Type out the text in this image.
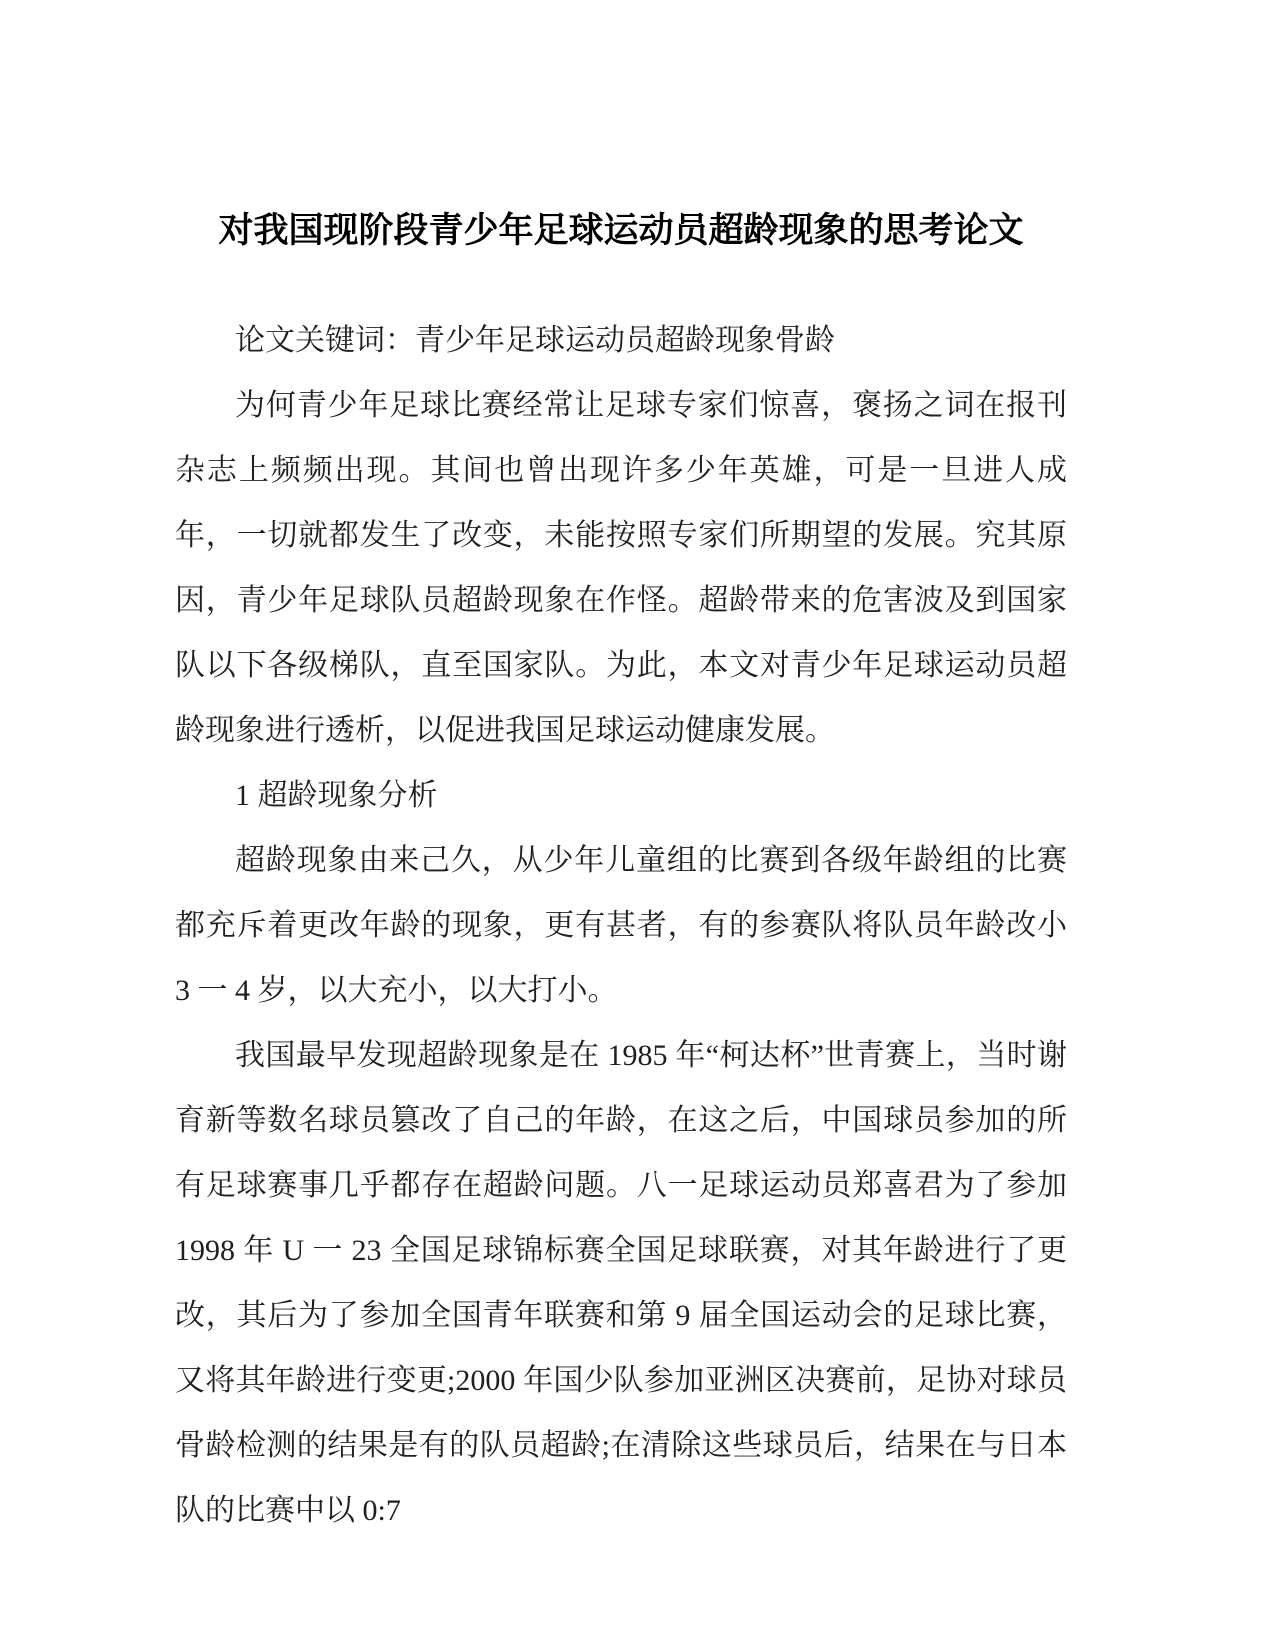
对我国现阶段青少年足球运动员超龄现象的思考论文

论文关键词：青少年足球运动员超龄现象骨龄

为何青少年足球比赛经常让足球专家们惊喜，褒扬之词在报刊杂志上频频出现。其间也曾出现许多少年英雄，可是一旦进人成年，一切就都发生了改变，未能按照专家们所期望的发展。究其原因，青少年足球队员超龄现象在作怪。超龄带来的危害波及到国家队以下各级梯队，直至国家队。为此，本文对青少年足球运动员超龄现象进行透析，以促进我国足球运动健康发展。

1 超龄现象分析

超龄现象由来己久，从少年儿童组的比赛到各级年龄组的比赛都充斥着更改年龄的现象，更有甚者，有的参赛队将队员年龄改小 3 一 4 岁，以大充小，以大打小。

我国最早发现超龄现象是在 1985 年“柯达杯”世青赛上，当时谢育新等数名球员篡改了自己的年龄，在这之后，中国球员参加的所有足球赛事几乎都存在超龄问题。八一足球运动员郑喜君为了参加 1998 年 U 一 23 全国足球锦标赛全国足球联赛，对其年龄进行了更改，其后为了参加全国青年联赛和第 9 届全国运动会的足球比赛，又将其年龄进行变更;2000 年国少队参加亚洲区决赛前，足协对球员骨龄检测的结果是有的队员超龄;在清除这些球员后，结果在与日本队的比赛中以 0:7
